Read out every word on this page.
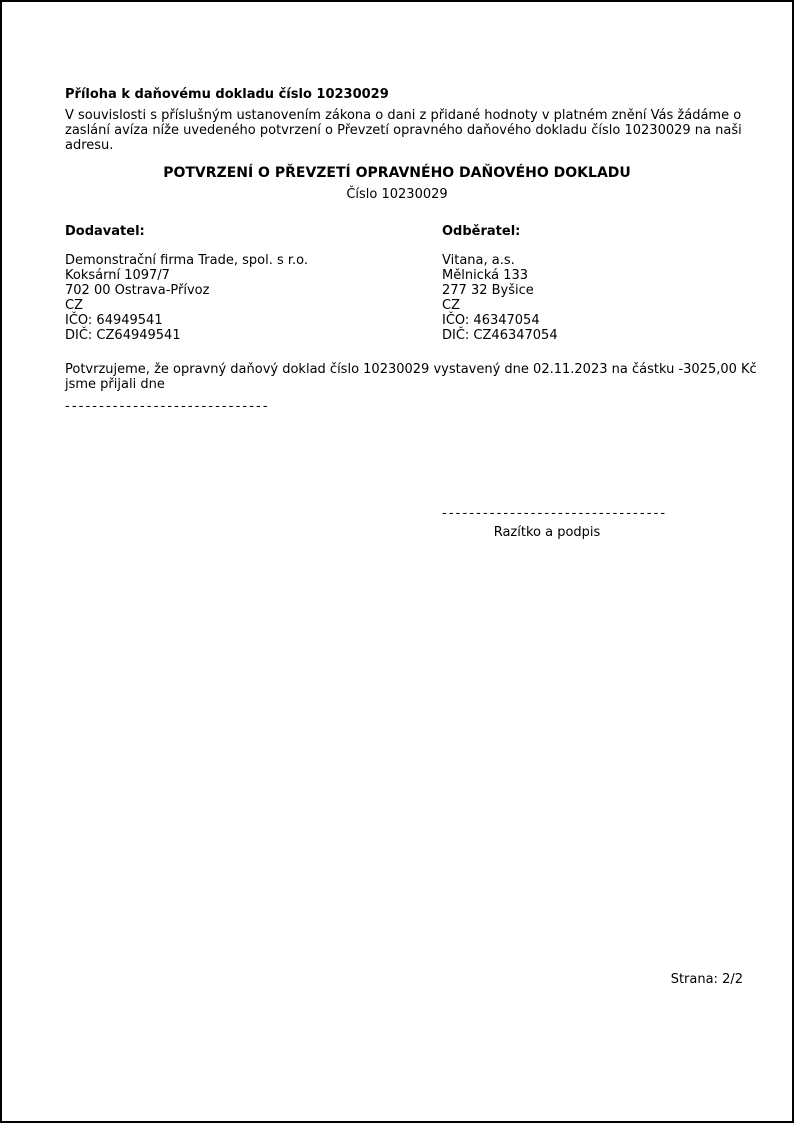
Příloha k daňovému dokladu číslo 10230029
V souvislosti s příslušným ustanovením zákona o dani z přidané hodnoty v platném znění Vás žádáme o zaslání avíza níže uvedeného potvrzení o Převzetí opravného daňového dokladu číslo 10230029 na naši adresu.
POTVRZENÍ O PŘEVZETÍ OPRAVNÉHO DAŇOVÉHO DOKLADU
Číslo 10230029
Dodavatel:
Demonstrační firma Trade, spol. s r.o.
Koksární 1097/7
702 00 Ostrava-Přívoz
CZ
IČO: 64949541
DIČ: CZ64949541
Odběratel:
Vitana, a.s.
Mělnická 133
277 32 Byšice
CZ
IČO: 46347054
DIČ: CZ46347054
Potvrzujeme, že opravný daňový doklad číslo 10230029 vystavený dne 02.11.2023 na částku -3025,00 Kč jsme přijali dne
- - - - - - - - - - - - - - - - - - - - - - - - - - - - - -
- - - - - - - - - - - - - - - - - - - - - - - - - - - - - - - - -
Razítko a podpis
Strana: 2/2
